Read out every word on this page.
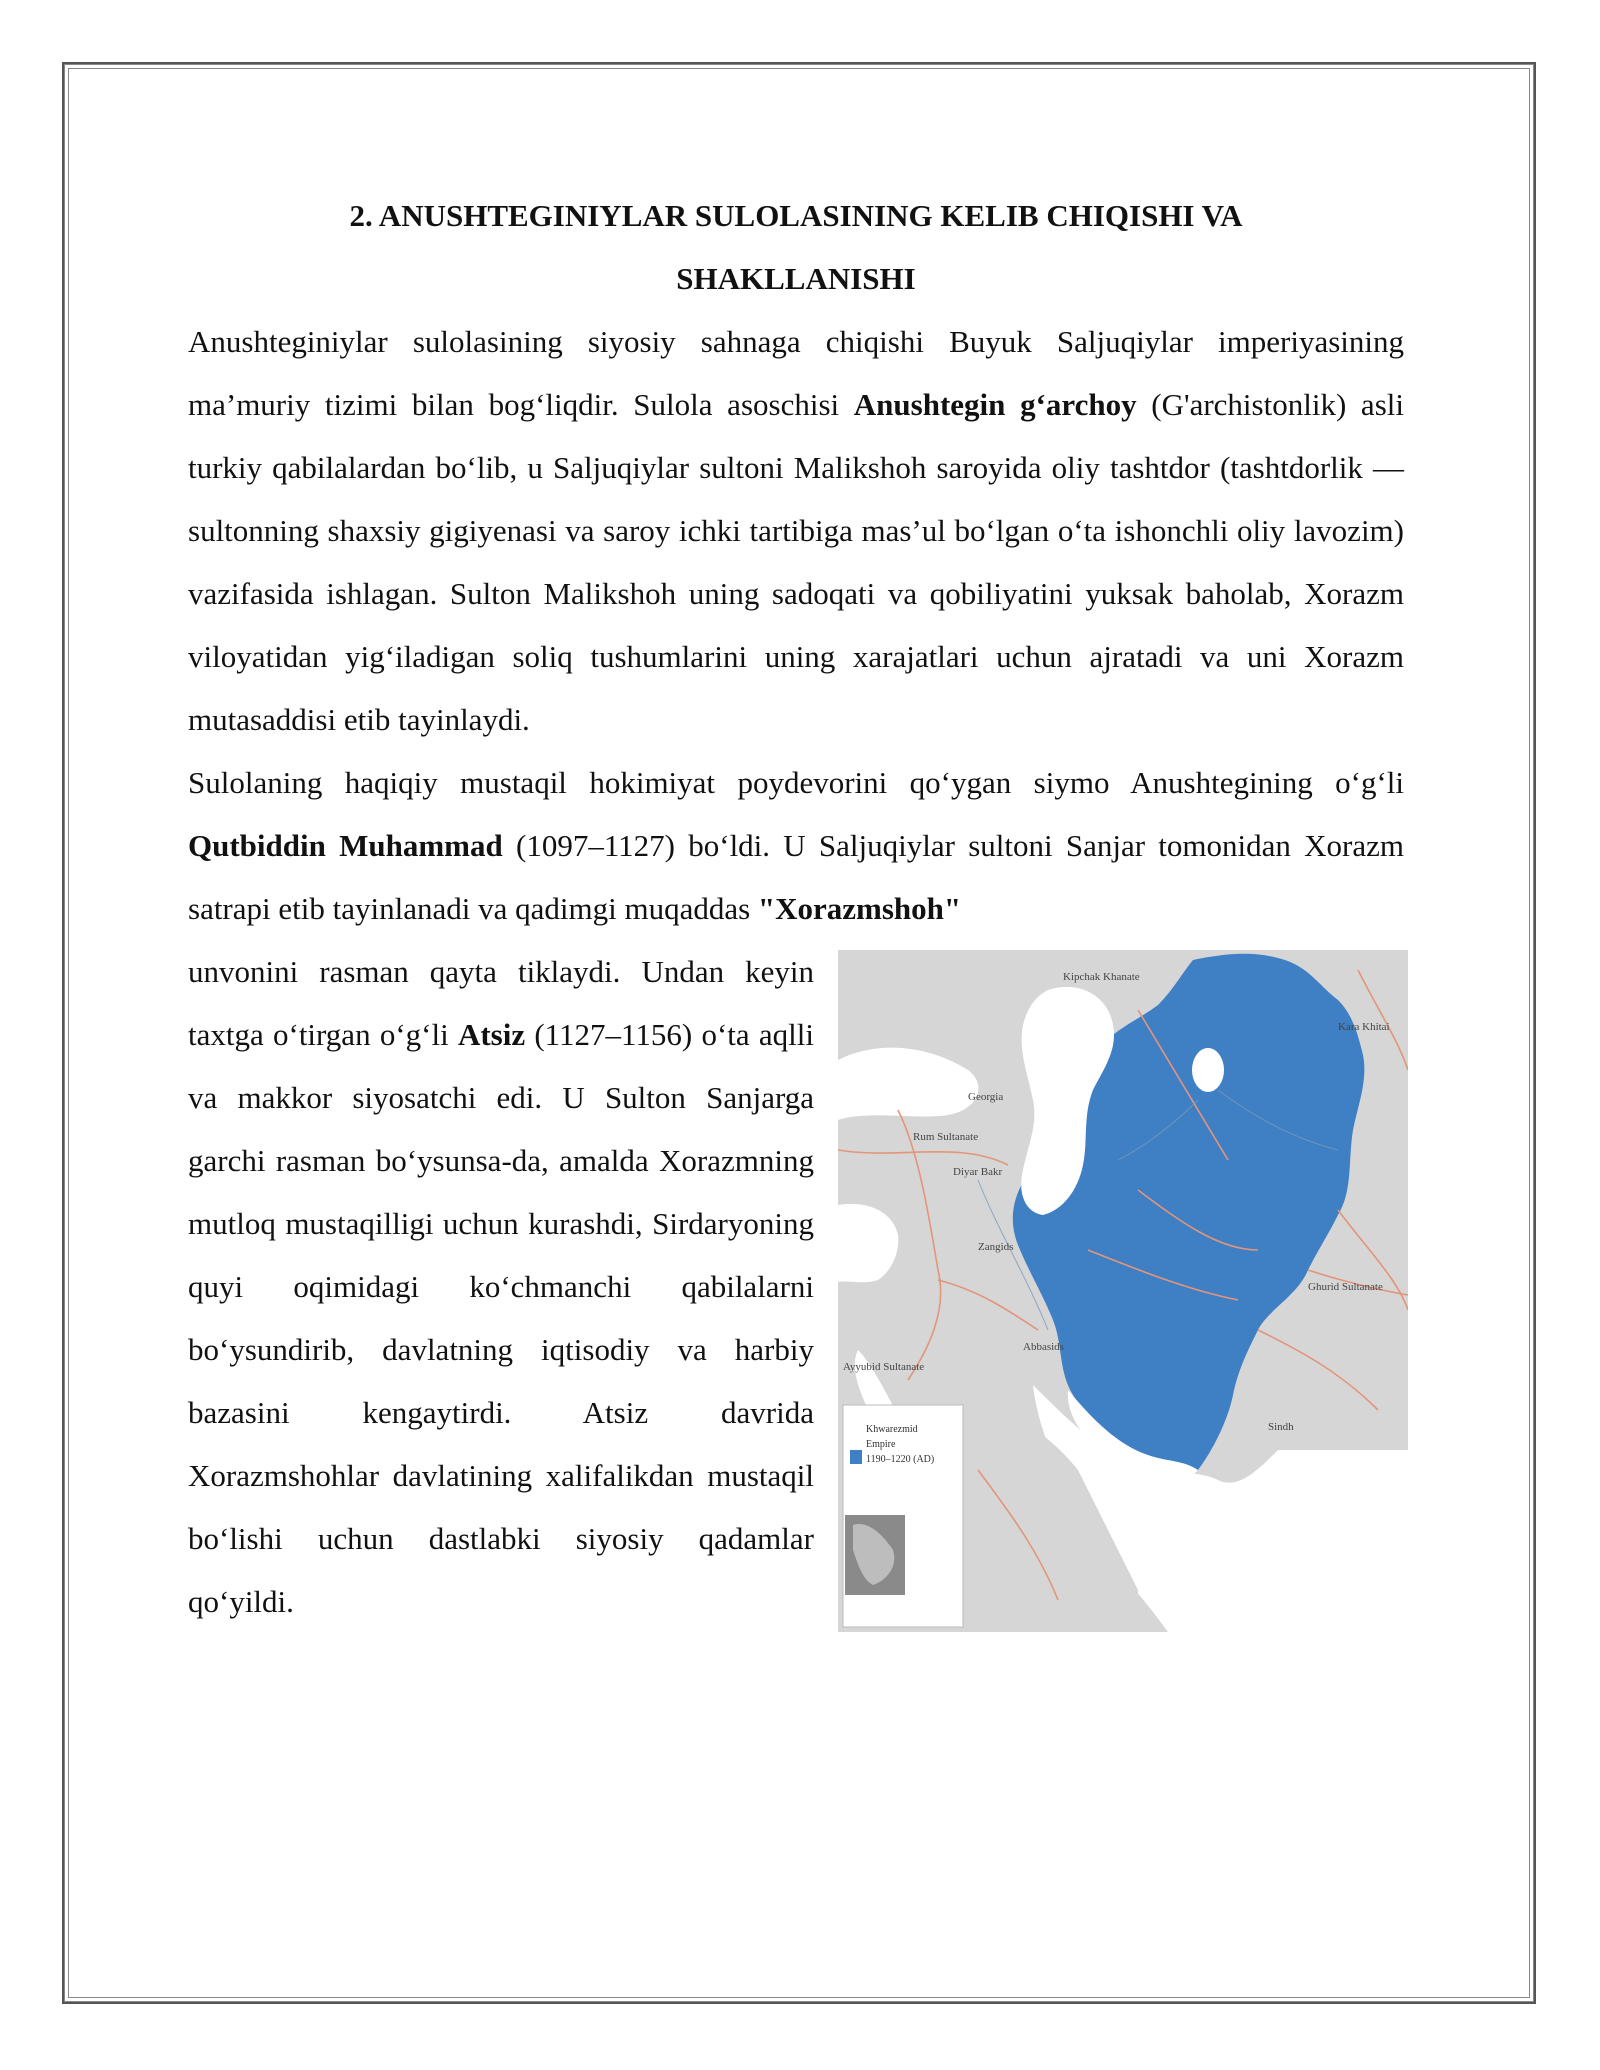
2. ANUSHTEGINIYLAR SULOLASINING KELIB CHIQISHI VA
SHAKLLANISHI

Anushteginiylar sulolasining siyosiy sahnaga chiqishi Buyuk Saljuqiylar imperiyasining ma’muriy tizimi bilan bog‘liqdir. Sulola asoschisi Anushtegin g‘archoy (G'archistonlik) asli turkiy qabilalardan bo‘lib, u Saljuqiylar sultoni Malikshoh saroyida oliy tashtdor (tashtdorlik — sultonning shaxsiy gigiyenasi va saroy ichki tartibiga mas’ul bo‘lgan o‘ta ishonchli oliy lavozim) vazifasida ishlagan. Sulton Malikshoh uning sadoqati va qobiliyatini yuksak baholab, Xorazm viloyatidan yig‘iladigan soliq tushumlarini uning xarajatlari uchun ajratadi va uni Xorazm mutasaddisi etib tayinlaydi.

Sulolaning haqiqiy mustaqil hokimiyat poydevorini qo‘ygan siymo Anushtegining o‘g‘li Qutbiddin Muhammad (1097–1127) bo‘ldi. U Saljuqiylar sultoni Sanjar tomonidan Xorazm satrapi etib tayinlanadi va qadimgi muqaddas "Xorazmshoh"

unvonini rasman qayta tiklaydi. Undan keyin taxtga o‘tirgan o‘g‘li Atsiz (1127–1156) o‘ta aqlli va makkor siyosatchi edi. U Sulton Sanjarga garchi rasman bo‘ysunsa-da, amalda Xorazmning mutloq mustaqilligi uchun kurashdi, Sirdaryoning quyi oqimidagi ko‘chmanchi qabilalarni bo‘ysundirib, davlatning iqtisodiy va harbiy bazasini kengaytirdi. Atsiz davrida Xorazmshohlar davlatining xalifalikdan mustaqil bo‘lishi uchun dastlabki siyosiy qadamlar qo‘yildi.

Kipchak Khanate
Kara Khitai
Georgia
Rum Sultanate
Diyar Bakr
Zangids
Ghurid Sultanate
Ayyubid Sultanate
Abbasids
Sindh
Khwarezmid
Empire
1190–1220 (AD)
